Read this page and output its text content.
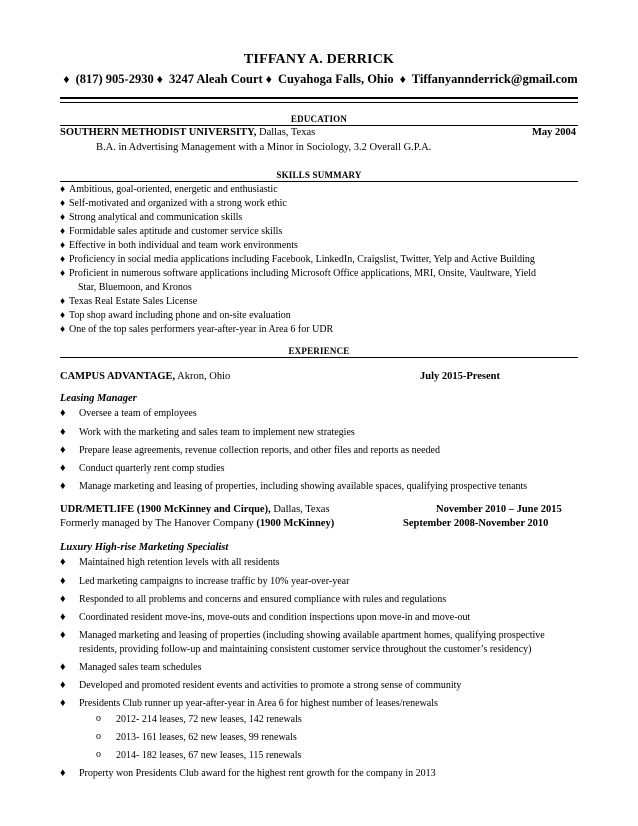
TIFFANY A. DERRICK
♦ (817) 905-2930 ♦ 3247 Aleah Court ♦ Cuyahoga Falls, Ohio ♦ Tiffanyannderrick@gmail.com
EDUCATION
SOUTHERN METHODIST UNIVERSITY, Dallas, Texas	May 2004
B.A. in Advertising Management with a Minor in Sociology, 3.2 Overall G.P.A.
SKILLS SUMMARY
♦ Ambitious, goal-oriented, energetic and enthusiastic
♦ Self-motivated and organized with a strong work ethic
♦ Strong analytical and communication skills
♦ Formidable sales aptitude and customer service skills
♦ Effective in both individual and team work environments
♦ Proficiency in social media applications including Facebook, LinkedIn, Craigslist, Twitter, Yelp and Active Building
♦ Proficient in numerous software applications including Microsoft Office applications, MRI, Onsite, Vaultware, Yield
Star, Bluemoon, and Kronos
♦ Texas Real Estate Sales License
♦ Top shop award including phone and on-site evaluation
♦ One of the top sales performers year-after-year in Area 6 for UDR
EXPERIENCE
CAMPUS ADVANTAGE, Akron, Ohio	July 2015-Present
Leasing Manager
♦ Oversee a team of employees
♦ Work with the marketing and sales team to implement new strategies
♦ Prepare lease agreements, revenue collection reports, and other files and reports as needed
♦ Conduct quarterly rent comp studies
♦ Manage marketing and leasing of properties, including showing available spaces, qualifying prospective tenants
UDR/METLIFE (1900 McKinney and Cirque), Dallas, Texas	November 2010 – June 2015
Formerly managed by The Hanover Company (1900 McKinney)	September 2008-November 2010
Luxury High-rise Marketing Specialist
♦ Maintained high retention levels with all residents
♦ Led marketing campaigns to increase traffic by 10% year-over-year
♦ Responded to all problems and concerns and ensured compliance with rules and regulations
♦ Coordinated resident move-ins, move-outs and condition inspections upon move-in and move-out
♦ Managed marketing and leasing of properties (including showing available apartment homes, qualifying prospective
residents, providing follow-up and maintaining consistent customer service throughout the customer’s residency)
♦ Managed sales team schedules
♦ Developed and promoted resident events and activities to promote a strong sense of community
♦ Presidents Club runner up year-after-year in Area 6 for highest number of leases/renewals
o 2012- 214 leases, 72 new leases, 142 renewals
o 2013- 161 leases, 62 new leases, 99 renewals
o 2014- 182 leases, 67 new leases, 115 renewals
♦ Property won Presidents Club award for the highest rent growth for the company in 2013
